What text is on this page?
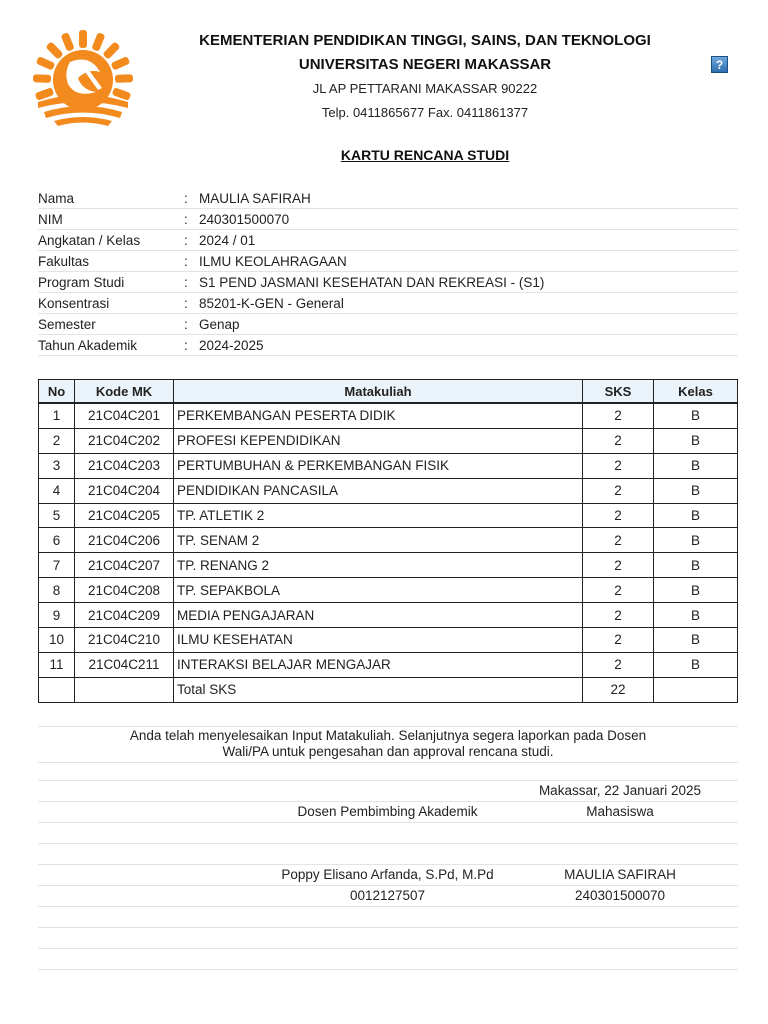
KEMENTERIAN PENDIDIKAN TINGGI, SAINS, DAN TEKNOLOGI
UNIVERSITAS NEGERI MAKASSAR
JL AP PETTARANI MAKASSAR 90222
Telp. 0411865677 Fax. 0411861377
?
KARTU RENCANA STUDI
Nama	:	MAULIA SAFIRAH
NIM	:	240301500070
Angkatan / Kelas	:	2024 / 01
Fakultas	:	ILMU KEOLAHRAGAAN
Program Studi	:	S1 PEND JASMANI KESEHATAN DAN REKREASI - (S1)
Konsentrasi	:	85201-K-GEN - General
Semester	:	Genap
Tahun Akademik	:	2024-2025
No	Kode MK	Matakuliah	SKS	Kelas
1	21C04C201	PERKEMBANGAN PESERTA DIDIK	2	B
2	21C04C202	PROFESI KEPENDIDIKAN	2	B
3	21C04C203	PERTUMBUHAN & PERKEMBANGAN FISIK	2	B
4	21C04C204	PENDIDIKAN PANCASILA	2	B
5	21C04C205	TP. ATLETIK 2	2	B
6	21C04C206	TP. SENAM 2	2	B
7	21C04C207	TP. RENANG 2	2	B
8	21C04C208	TP. SEPAKBOLA	2	B
9	21C04C209	MEDIA PENGAJARAN	2	B
10	21C04C210	ILMU KESEHATAN	2	B
11	21C04C211	INTERAKSI BELAJAR MENGAJAR	2	B
		Total SKS	22	
Anda telah menyelesaikan Input Matakuliah. Selanjutnya segera laporkan pada Dosen
Wali/PA untuk pengesahan dan approval rencana studi.
Makassar, 22 Januari 2025
Dosen Pembimbing Akademik	Mahasiswa
Poppy Elisano Arfanda, S.Pd, M.Pd	MAULIA SAFIRAH
0012127507	240301500070
